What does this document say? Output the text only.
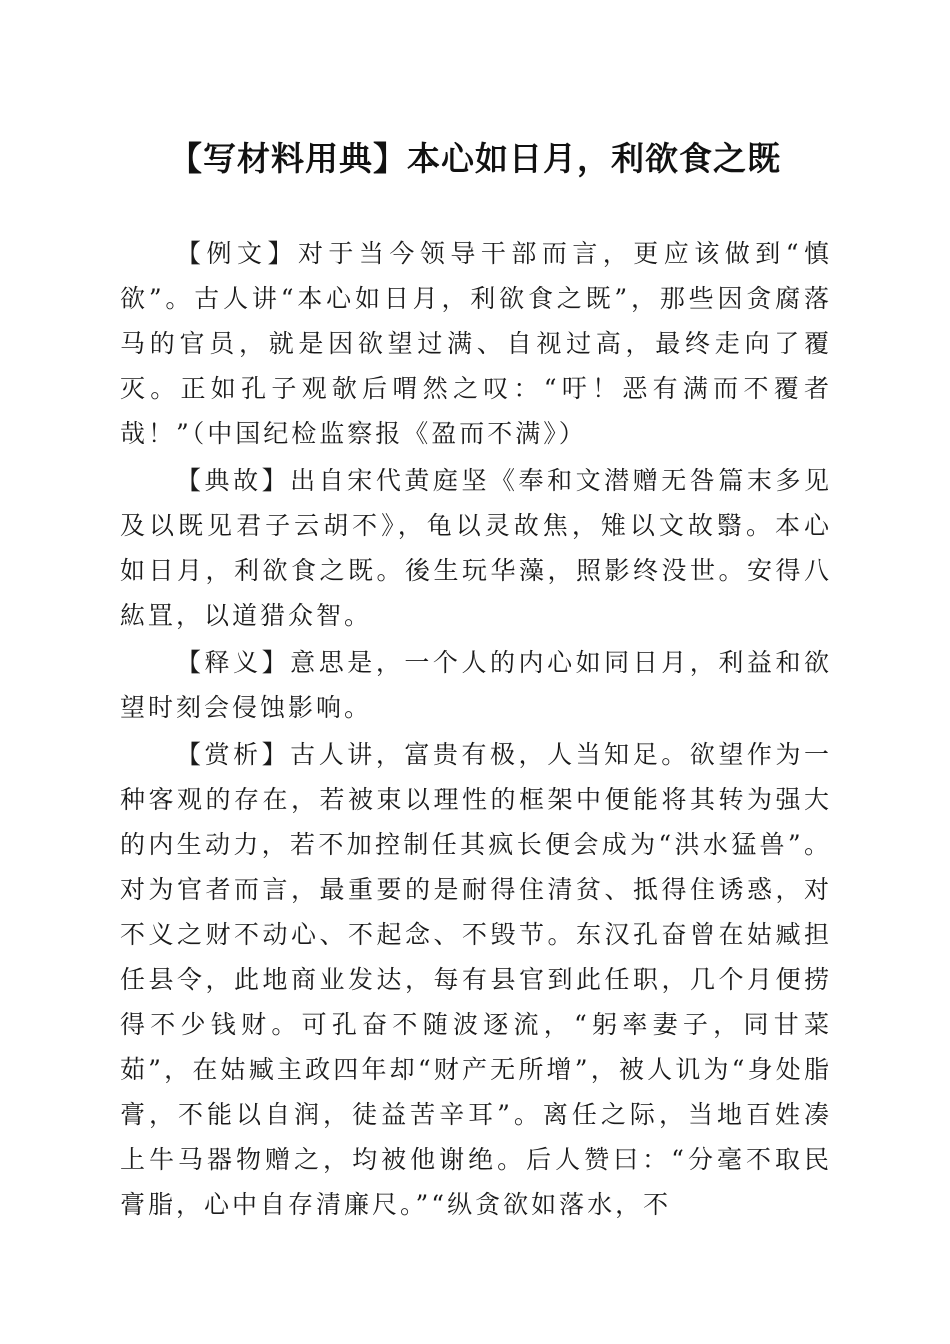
【写材料用典】本心如日月，利欲食之既

【例文】对于当今领导干部而言，更应该做到“慎欲”。古人讲“本心如日月，利欲食之既”，那些因贪腐落马的官员，就是因欲望过满、自视过高，最终走向了覆灭。正如孔子观欹后喟然之叹：“吁！恶有满而不覆者哉！”（中国纪检监察报《盈而不满》）

【典故】出自宋代黄庭坚《奉和文潜赠无咎篇末多见及以既见君子云胡不》，龟以灵故焦，雉以文故翳。本心如日月，利欲食之既。後生玩华藻，照影终没世。安得八紘罝，以道猎众智。

【释义】意思是，一个人的内心如同日月，利益和欲望时刻会侵蚀影响。

【赏析】古人讲，富贵有极，人当知足。欲望作为一种客观的存在，若被束以理性的框架中便能将其转为强大的内生动力，若不加控制任其疯长便会成为“洪水猛兽”。对为官者而言，最重要的是耐得住清贫、抵得住诱惑，对不义之财不动心、不起念、不毁节。东汉孔奋曾在姑臧担任县令，此地商业发达，每有县官到此任职，几个月便捞得不少钱财。可孔奋不随波逐流，“躬率妻子，同甘菜茹”，在姑臧主政四年却“财产无所增”，被人讥为“身处脂膏，不能以自润，徒益苦辛耳”。离任之际，当地百姓凑上牛马器物赠之，均被他谢绝。后人赞曰：“分毫不取民膏脂，心中自存清廉尺。”“纵贪欲如落水，不
